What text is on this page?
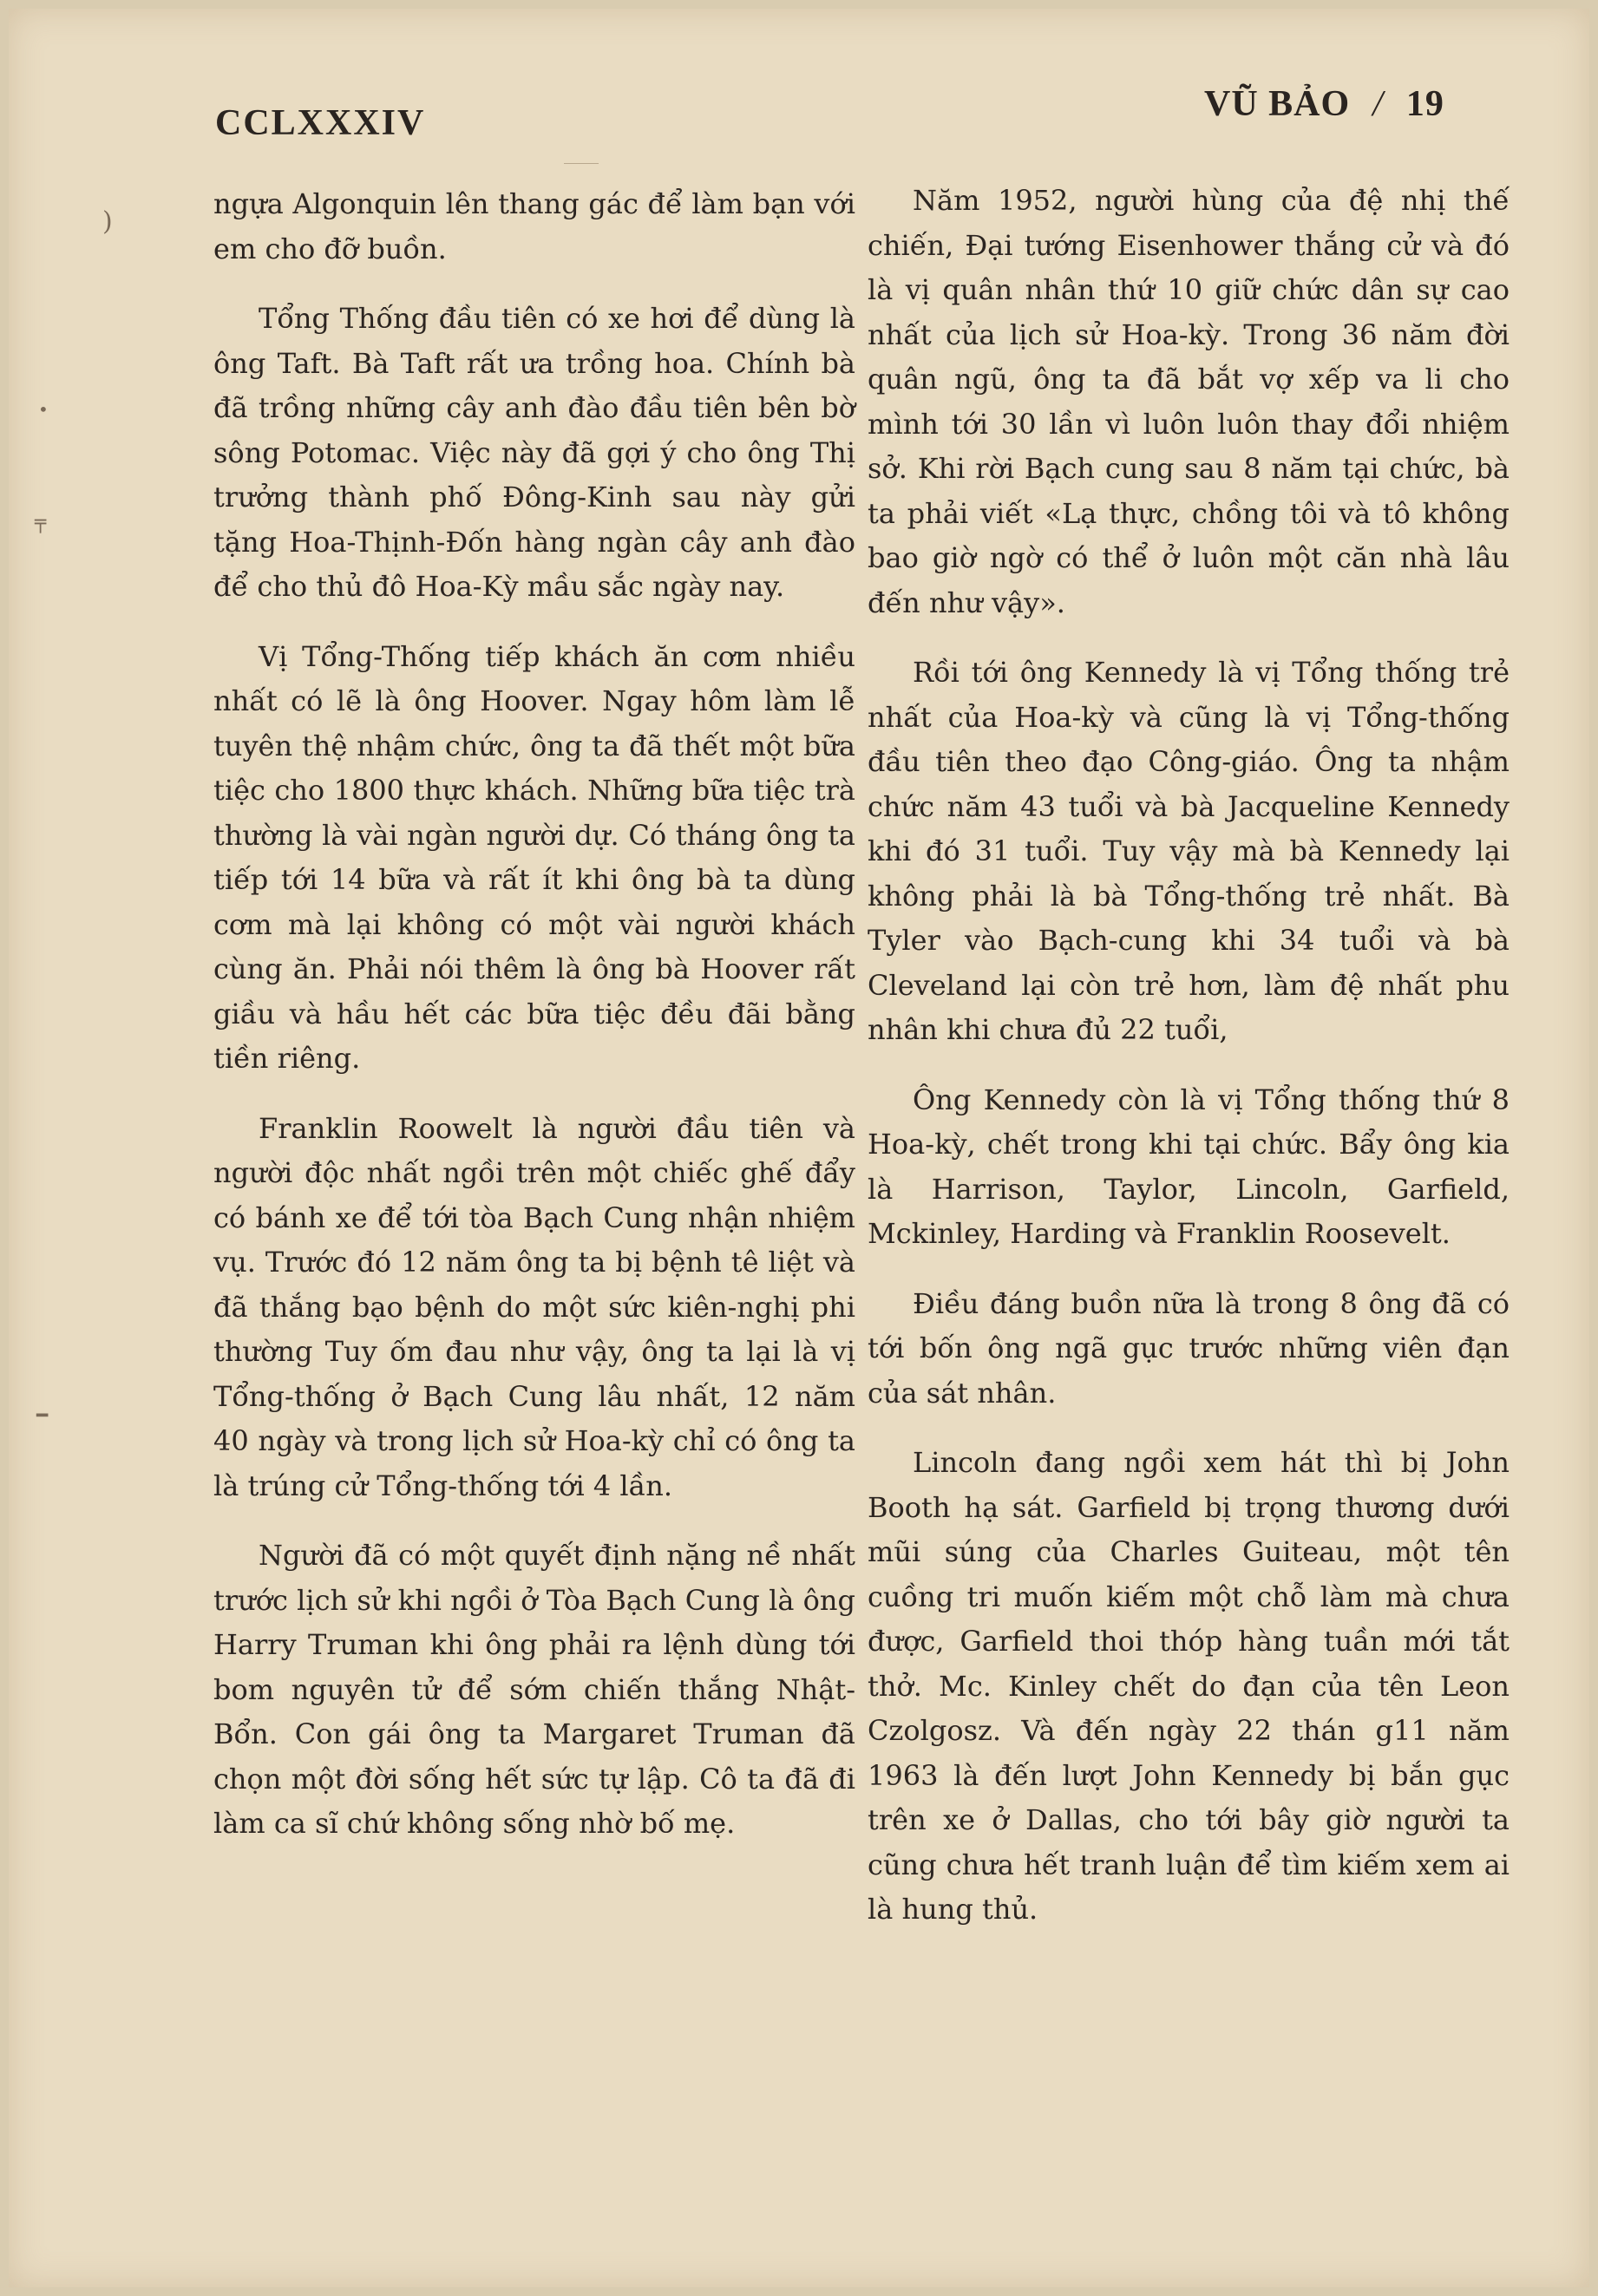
CCLXXXIV	VŨ BẢO / 19
)
•
╤
━

ngựa Algonquin lên thang gác để làm bạn với em cho đỡ buồn.

Tổng Thống đầu tiên có xe hơi để dùng là ông Taft. Bà Taft rất ưa trồng hoa. Chính bà đã trồng những cây anh đào đầu tiên bên bờ sông Potomac. Việc này đã gợi ý cho ông Thị trưởng thành phố Đông-Kinh sau này gửi tặng Hoa-Thịnh-Đốn hàng ngàn cây anh đào để cho thủ đô Hoa-Kỳ mầu sắc ngày nay.

Vị Tổng-Thống tiếp khách ăn cơm nhiều nhất có lẽ là ông Hoover. Ngay hôm làm lễ tuyên thệ nhậm chức, ông ta đã thết một bữa tiệc cho 1800 thực khách. Những bữa tiệc trà thường là vài ngàn người dự. Có tháng ông ta tiếp tới 14 bữa và rất ít khi ông bà ta dùng cơm mà lại không có một vài người khách cùng ăn. Phải nói thêm là ông bà Hoover rất giầu và hầu hết các bữa tiệc đều đãi bằng tiền riêng.

Franklin Roowelt là người đầu tiên và người độc nhất ngồi trên một chiếc ghế đẩy có bánh xe để tới tòa Bạch Cung nhận nhiệm vụ. Trước đó 12 năm ông ta bị bệnh tê liệt và đã thắng bạo bệnh do một sức kiên-nghị phi thường Tuy ốm đau như vậy, ông ta lại là vị Tổng-thống ở Bạch Cung lâu nhất, 12 năm 40 ngày và trong lịch sử Hoa-kỳ chỉ có ông ta là trúng cử Tổng-thống tới 4 lần.

Người đã có một quyết định nặng nề nhất trước lịch sử khi ngồi ở Tòa Bạch Cung là ông Harry Truman khi ông phải ra lệnh dùng tới bom nguyên tử để sớm chiến thắng Nhật-Bổn. Con gái ông ta Margaret Truman đã chọn một đời sống hết sức tự lập. Cô ta đã đi làm ca sĩ chứ không sống nhờ bố mẹ.

Năm 1952, người hùng của đệ nhị thế chiến, Đại tướng Eisenhower thắng cử và đó là vị quân nhân thứ 10 giữ chức dân sự cao nhất của lịch sử Hoa-kỳ. Trong 36 năm đời quân ngũ, ông ta đã bắt vợ xếp va li cho mình tới 30 lần vì luôn luôn thay đổi nhiệm sở. Khi rời Bạch cung sau 8 năm tại chức, bà ta phải viết «Lạ thực, chồng tôi và tô không bao giờ ngờ có thể ở luôn một căn nhà lâu đến như vậy».

Rồi tới ông Kennedy là vị Tổng thống trẻ nhất của Hoa-kỳ và cũng là vị Tổng-thống đầu tiên theo đạo Công-giáo. Ông ta nhậm chức năm 43 tuổi và bà Jacqueline Kennedy khi đó 31 tuổi. Tuy vậy mà bà Kennedy lại không phải là bà Tổng-thống trẻ nhất. Bà Tyler vào Bạch-cung khi 34 tuổi và bà Cleveland lại còn trẻ hơn, làm đệ nhất phu nhân khi chưa đủ 22 tuổi,

Ông Kennedy còn là vị Tổng thống thứ 8 Hoa-kỳ, chết trong khi tại chức. Bẩy ông kia là Harrison, Taylor, Lincoln, Garfield, Mckinley, Harding và Franklin Roosevelt.

Điều đáng buồn nữa là trong 8 ông đã có tới bốn ông ngã gục trước những viên đạn của sát nhân.

Lincoln đang ngồi xem hát thì bị John Booth hạ sát. Garfield bị trọng thương dưới mũi súng của Charles Guiteau, một tên cuồng tri muốn kiếm một chỗ làm mà chưa được, Garfield thoi thóp hàng tuần mới tắt thở. Mc. Kinley chết do đạn của tên Leon Czolgosz. Và đến ngày 22 thán g11 năm 1963 là đến lượt John Kennedy bị bắn gục trên xe ở Dallas, cho tới bây giờ người ta cũng chưa hết tranh luận để tìm kiếm xem ai là hung thủ.
